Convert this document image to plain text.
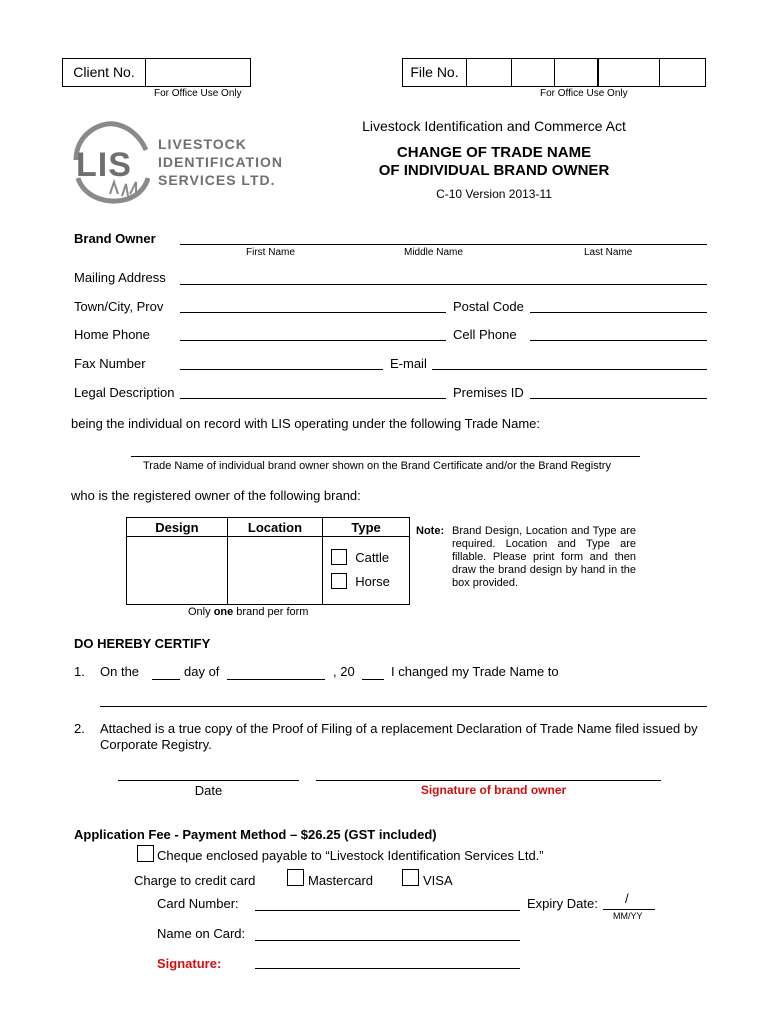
Client No.
For Office Use Only
File No.
For Office Use Only
LIS
LIVESTOCK
IDENTIFICATION
SERVICES LTD.
Livestock Identification and Commerce Act
CHANGE OF TRADE NAME
OF INDIVIDUAL BRAND OWNER
C-10 Version 2013-11
Brand Owner
First Name	Middle Name	Last Name
Mailing Address
Town/City, Prov	Postal Code
Home Phone	Cell Phone
Fax Number	E-mail
Legal Description	Premises ID
being the individual on record with LIS operating under the following Trade Name:
Trade Name of individual brand owner shown on the Brand Certificate and/or the Brand Registry
who is the registered owner of the following brand:
Design	Location	Type

		Cattle
Horse
Only one brand per form
Note: Brand Design, Location and Type are required. Location and Type are fillable. Please print form and then draw the brand design by hand in the box provided.
DO HEREBY CERTIFY
1. On the	day of	, 20	I changed my Trade Name to
2. Attached is a true copy of the Proof of Filing of a replacement Declaration of Trade Name filed issued by Corporate Registry.
Date	Signature of brand owner
Application Fee - Payment Method – $26.25 (GST included)
Cheque enclosed payable to “Livestock Identification Services Ltd.”
Charge to credit card	Mastercard	VISA
Card Number:	Expiry Date: /
MM/YY
Name on Card:
Signature:
